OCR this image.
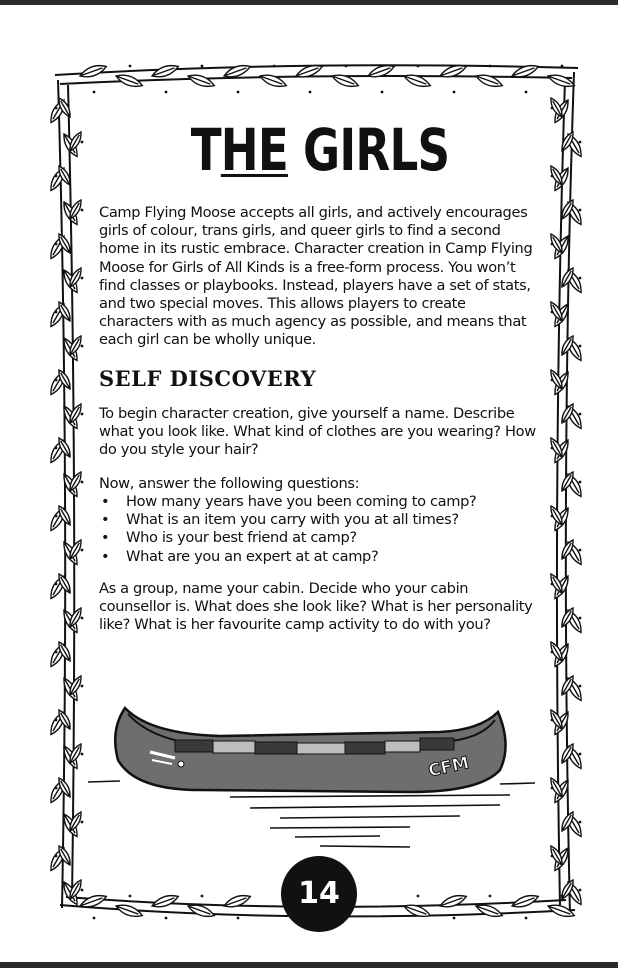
THE GIRLS
Camp Flying Moose accepts all girls, and actively encourages girls of colour, trans girls, and queer girls to find a second home in its rustic embrace. Character creation in Camp Flying Moose for Girls of All Kinds is a free-form process. You won’t find classes or playbooks. Instead, players have a set of stats, and two special moves. This allows players to create characters with as much agency as possible, and means that each girl can be wholly unique.
SELF DISCOVERY
To begin character creation, give yourself a name. Describe what you look like. What kind of clothes are you wearing? How do you style your hair?
Now, answer the following questions:
• How many years have you been coming to camp?
• What is an item you carry with you at all times?
• Who is your best friend at camp?
• What are you an expert at at camp?
As a group, name your cabin. Decide who your cabin counsellor is. What does she look like? What is her personality like? What is her favourite camp activity to do with you?
CFM
14
